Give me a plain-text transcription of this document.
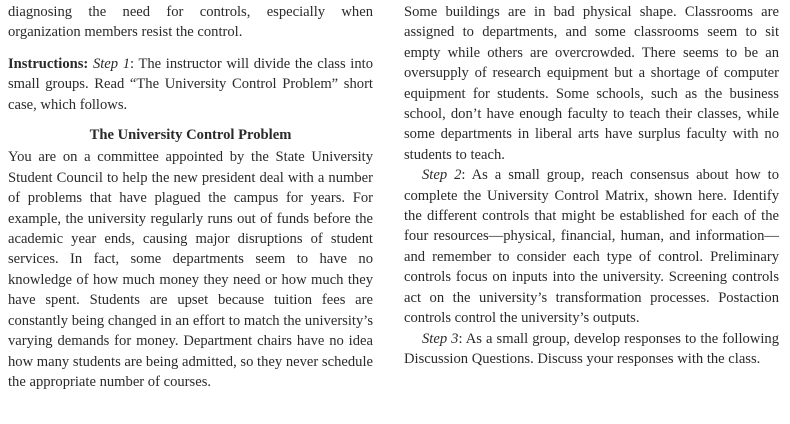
diagnosing the need for controls, especially when organization members resist the control.

Instructions: Step 1: The instructor will divide the class into small groups. Read “The University Control Problem” short case, which follows.

The University Control Problem

You are on a committee appointed by the State University Student Council to help the new president deal with a number of problems that have plagued the campus for years. For example, the university regularly runs out of funds before the academic year ends, causing major disruptions of student services. In fact, some departments seem to have no knowledge of how much money they need or how much they have spent. Students are upset because tuition fees are constantly being changed in an effort to match the university’s varying demands for money. Department chairs have no idea how many students are being admitted, so they never schedule the appropriate number of courses.

Some buildings are in bad physical shape. Classrooms are assigned to departments, and some classrooms seem to sit empty while others are overcrowded. There seems to be an oversupply of research equipment but a shortage of computer equipment for students. Some schools, such as the business school, don’t have enough faculty to teach their classes, while some departments in liberal arts have surplus faculty with no students to teach.

Step 2: As a small group, reach consensus about how to complete the University Control Matrix, shown here. Identify the different controls that might be established for each of the four resources—physical, financial, human, and information—and remember to consider each type of control. Preliminary controls focus on inputs into the university. Screening controls act on the university’s transformation processes. Postaction controls control the university’s outputs.

Step 3: As a small group, develop responses to the following Discussion Questions. Discuss your responses with the class.
